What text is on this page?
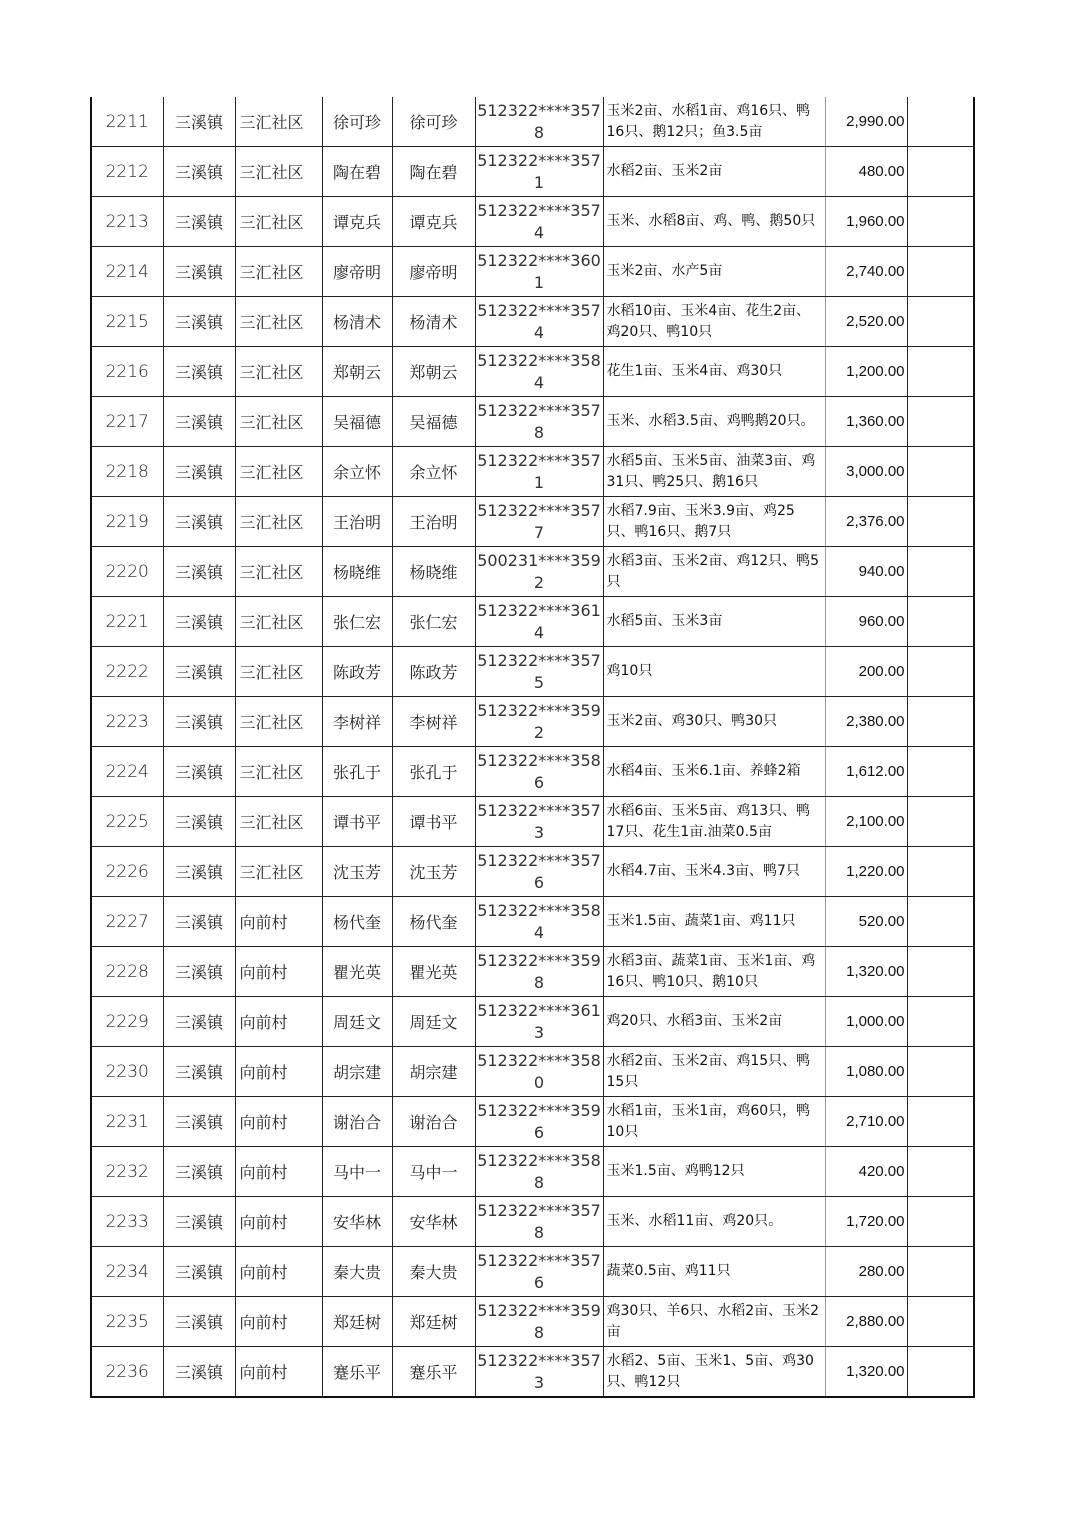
2211	三溪镇	三汇社区	徐可珍	徐可珍	512322****3578	玉米2亩、水稻1亩、鸡16只、鸭16只、鹅12只；鱼3.5亩	2,990.00	
2212	三溪镇	三汇社区	陶在碧	陶在碧	512322****3571	水稻2亩、玉米2亩	480.00	
2213	三溪镇	三汇社区	谭克兵	谭克兵	512322****3574	玉米、水稻8亩、鸡、鸭、鹅50只	1,960.00	
2214	三溪镇	三汇社区	廖帝明	廖帝明	512322****3601	玉米2亩、水产5亩	2,740.00	
2215	三溪镇	三汇社区	杨清术	杨清术	512322****3574	水稻10亩、玉米4亩、花生2亩、鸡20只、鸭10只	2,520.00	
2216	三溪镇	三汇社区	郑朝云	郑朝云	512322****3584	花生1亩、玉米4亩、鸡30只	1,200.00	
2217	三溪镇	三汇社区	吴福德	吴福德	512322****3578	玉米、水稻3.5亩、鸡鸭鹅20只。	1,360.00	
2218	三溪镇	三汇社区	余立怀	余立怀	512322****3571	水稻5亩、玉米5亩、油菜3亩、鸡31只、鸭25只、鹅16只	3,000.00	
2219	三溪镇	三汇社区	王治明	王治明	512322****3577	水稻7.9亩、玉米3.9亩、鸡25只、鸭16只、鹅7只	2,376.00	
2220	三溪镇	三汇社区	杨晓维	杨晓维	500231****3592	水稻3亩、玉米2亩、鸡12只、鸭5只	940.00	
2221	三溪镇	三汇社区	张仁宏	张仁宏	512322****3614	水稻5亩、玉米3亩	960.00	
2222	三溪镇	三汇社区	陈政芳	陈政芳	512322****3575	鸡10只	200.00	
2223	三溪镇	三汇社区	李树祥	李树祥	512322****3592	玉米2亩、鸡30只、鸭30只	2,380.00	
2224	三溪镇	三汇社区	张孔于	张孔于	512322****3586	水稻4亩、玉米6.1亩、养蜂2箱	1,612.00	
2225	三溪镇	三汇社区	谭书平	谭书平	512322****3573	水稻6亩、玉米5亩、鸡13只、鸭17只、花生1亩.油菜0.5亩	2,100.00	
2226	三溪镇	三汇社区	沈玉芳	沈玉芳	512322****3576	水稻4.7亩、玉米4.3亩、鸭7只	1,220.00	
2227	三溪镇	向前村	杨代奎	杨代奎	512322****3584	玉米1.5亩、蔬菜1亩、鸡11只	520.00	
2228	三溪镇	向前村	瞿光英	瞿光英	512322****3598	水稻3亩、蔬菜1亩、玉米1亩、鸡16只、鸭10只、鹅10只	1,320.00	
2229	三溪镇	向前村	周廷文	周廷文	512322****3613	鸡20只、水稻3亩、玉米2亩	1,000.00	
2230	三溪镇	向前村	胡宗建	胡宗建	512322****3580	水稻2亩、玉米2亩、鸡15只、鸭15只	1,080.00	
2231	三溪镇	向前村	谢治合	谢治合	512322****3596	水稻1亩，玉米1亩，鸡60只，鸭10只	2,710.00	
2232	三溪镇	向前村	马中一	马中一	512322****3588	玉米1.5亩、鸡鸭12只	420.00	
2233	三溪镇	向前村	安华林	安华林	512322****3578	玉米、水稻11亩、鸡20只。	1,720.00	
2234	三溪镇	向前村	秦大贵	秦大贵	512322****3576	蔬菜0.5亩、鸡11只	280.00	
2235	三溪镇	向前村	郑廷树	郑廷树	512322****3598	鸡30只、羊6只、水稻2亩、玉米2亩	2,880.00	
2236	三溪镇	向前村	蹇乐平	蹇乐平	512322****3573	水稻2、5亩、玉米1、5亩、鸡30只、鸭12只	1,320.00	
